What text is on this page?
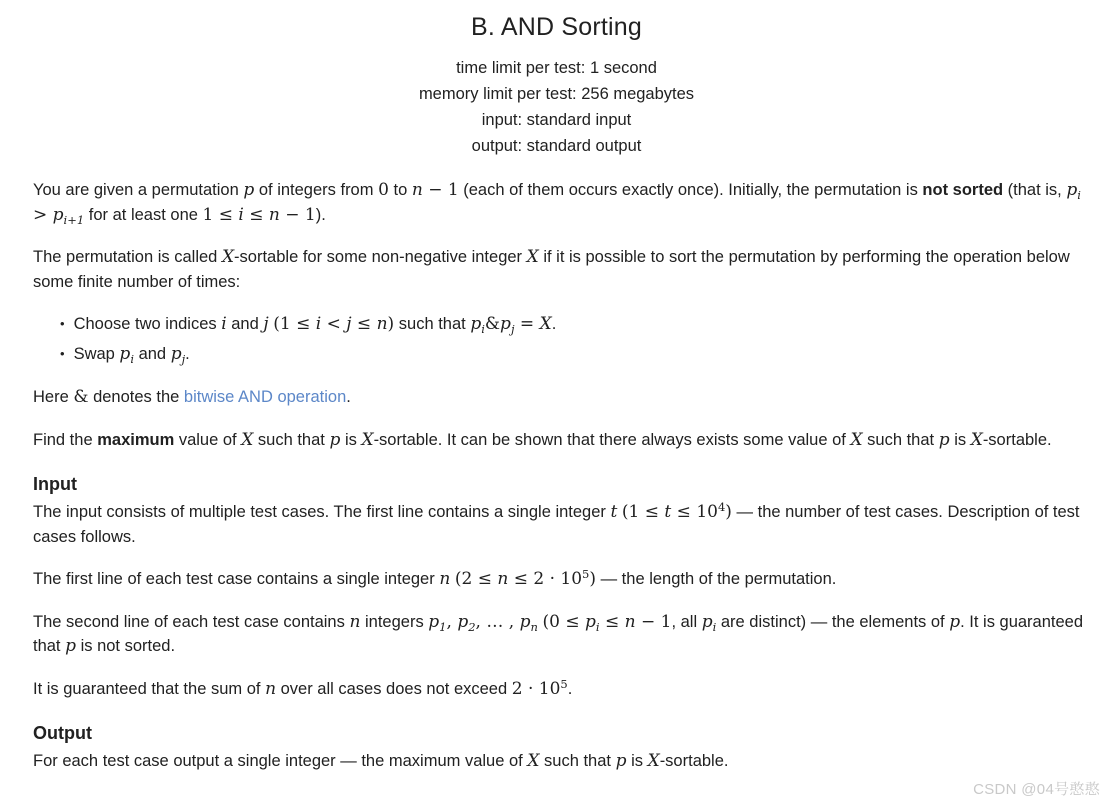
B. AND Sorting
time limit per test: 1 second
memory limit per test: 256 megabytes
input: standard input
output: standard output

You are given a permutation p of integers from 0 to n − 1 (each of them occurs exactly once). Initially, the permutation is not sorted (that is, $p_i > p_{i+1}$ for at least one 1 ≤ i ≤ n − 1).

The permutation is called X-sortable for some non-negative integer X if it is possible to sort the permutation by performing the operation below some finite number of times:

• Choose two indices i and j (1 ≤ i < j ≤ n) such that $p_i\&p_j = X$.
• Swap $p_i$ and $p_j$.

Here & denotes the bitwise AND operation.

Find the maximum value of X such that p is X-sortable. It can be shown that there always exists some value of X such that p is X-sortable.

Input

The input consists of multiple test cases. The first line contains a single integer t $(1 \le t \le 10^4)$ — the number of test cases. Description of test cases follows.

The first line of each test case contains a single integer n $(2 \le n \le 2 \cdot 10^5)$ — the length of the permutation.

The second line of each test case contains n integers $p_1$, $p_2$, … , $p_n$ ($0 \le p_i \le n - 1$, all $p_i$ are distinct) — the elements of p. It is guaranteed that p is not sorted.

It is guaranteed that the sum of n over all cases does not exceed $2 \cdot 10^5$.

Output

For each test case output a single integer — the maximum value of X such that p is X-sortable.

CSDN @04号憨憨
